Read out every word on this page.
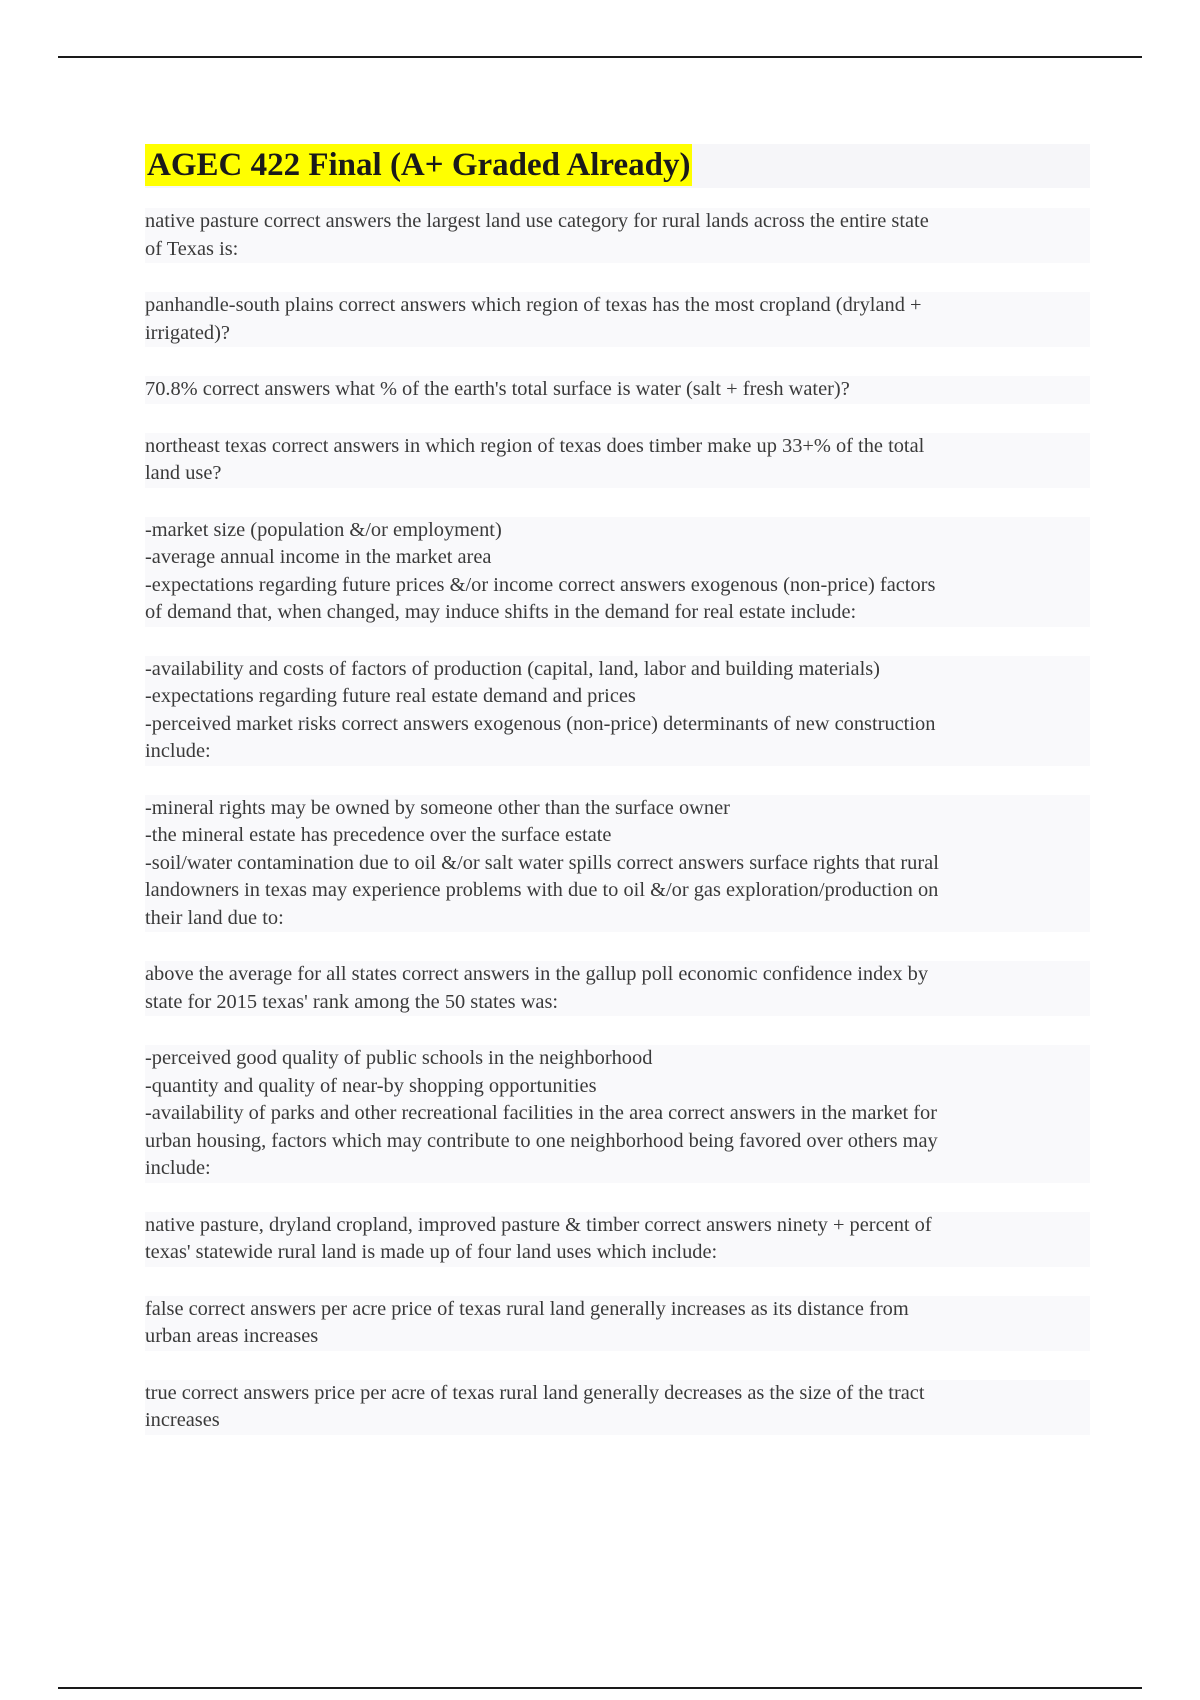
AGEC 422 Final (A+ Graded Already)

native pasture correct answers the largest land use category for rural lands across the entire state
of Texas is:

panhandle-south plains correct answers which region of texas has the most cropland (dryland +
irrigated)?

70.8% correct answers what % of the earth's total surface is water (salt + fresh water)?

northeast texas correct answers in which region of texas does timber make up 33+% of the total
land use?

-market size (population &/or employment)
-average annual income in the market area
-expectations regarding future prices &/or income correct answers exogenous (non-price) factors
of demand that, when changed, may induce shifts in the demand for real estate include:

-availability and costs of factors of production (capital, land, labor and building materials)
-expectations regarding future real estate demand and prices
-perceived market risks correct answers exogenous (non-price) determinants of new construction
include:

-mineral rights may be owned by someone other than the surface owner
-the mineral estate has precedence over the surface estate
-soil/water contamination due to oil &/or salt water spills correct answers surface rights that rural
landowners in texas may experience problems with due to oil &/or gas exploration/production on
their land due to:

above the average for all states correct answers in the gallup poll economic confidence index by
state for 2015 texas' rank among the 50 states was:

-perceived good quality of public schools in the neighborhood
-quantity and quality of near-by shopping opportunities
-availability of parks and other recreational facilities in the area correct answers in the market for
urban housing, factors which may contribute to one neighborhood being favored over others may
include:

native pasture, dryland cropland, improved pasture & timber correct answers ninety + percent of
texas' statewide rural land is made up of four land uses which include:

false correct answers per acre price of texas rural land generally increases as its distance from
urban areas increases

true correct answers price per acre of texas rural land generally decreases as the size of the tract
increases
